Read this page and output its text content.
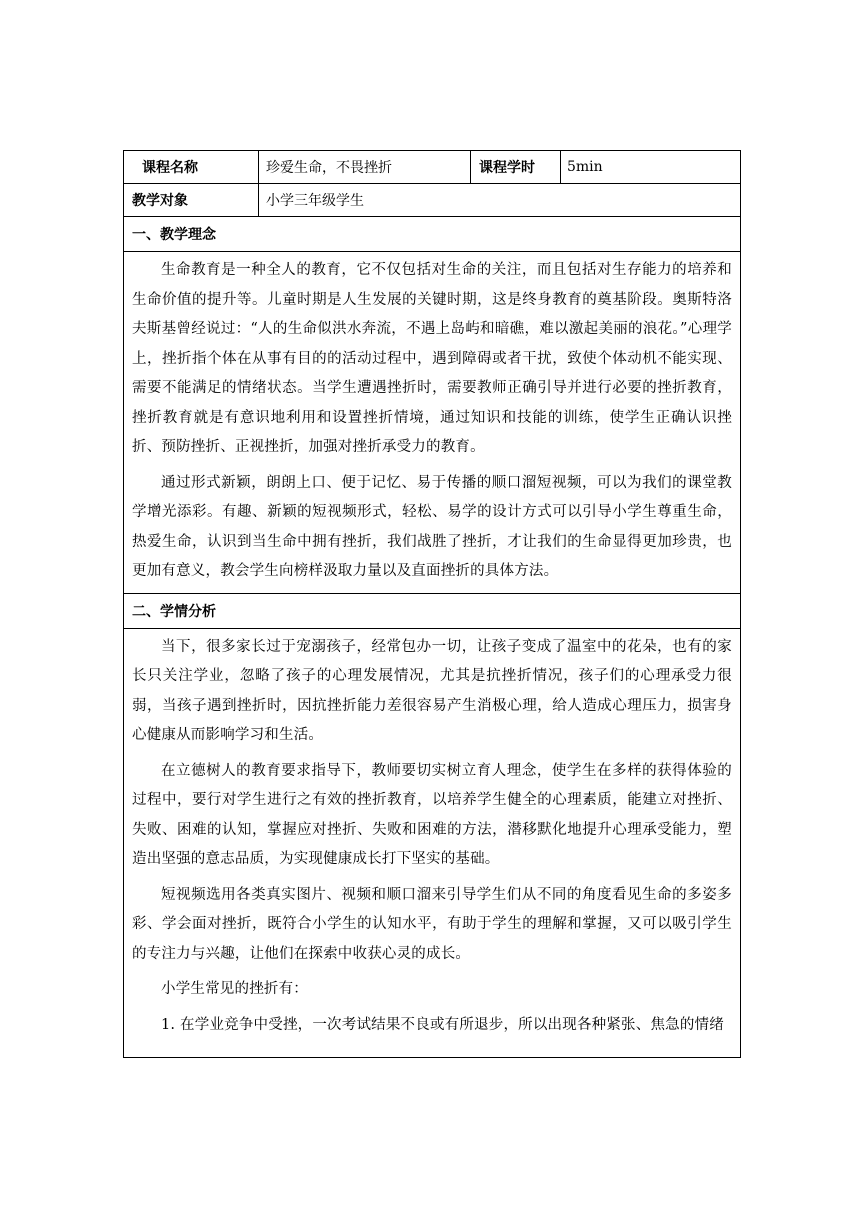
课程名称	珍爱生命，不畏挫折	课程学时	5min
教学对象	小学三年级学生		
一、教学理念			

生命教育是一种全人的教育，它不仅包括对生命的关注，而且包括对生存能力的培养和生命价值的提升等。儿童时期是人生发展的关键时期，这是终身教育的奠基阶段。奥斯特洛夫斯基曾经说过：“人的生命似洪水奔流，不遇上岛屿和暗礁，难以激起美丽的浪花。”心理学上，挫折指个体在从事有目的的活动过程中，遇到障碍或者干扰，致使个体动机不能实现、需要不能满足的情绪状态。当学生遭遇挫折时，需要教师正确引导并进行必要的挫折教育，挫折教育就是有意识地利用和设置挫折情境，通过知识和技能的训练，使学生正确认识挫折、预防挫折、正视挫折，加强对挫折承受力的教育。

通过形式新颖，朗朗上口、便于记忆、易于传播的顺口溜短视频，可以为我们的课堂教学增光添彩。有趣、新颖的短视频形式，轻松、易学的设计方式可以引导小学生尊重生命，热爱生命，认识到当生命中拥有挫折，我们战胜了挫折，才让我们的生命显得更加珍贵，也更加有意义，教会学生向榜样汲取力量以及直面挫折的具体方法。			

二、学情分析			

当下，很多家长过于宠溺孩子，经常包办一切，让孩子变成了温室中的花朵，也有的家长只关注学业，忽略了孩子的心理发展情况，尤其是抗挫折情况，孩子们的心理承受力很弱，当孩子遇到挫折时，因抗挫折能力差很容易产生消极心理，给人造成心理压力，损害身心健康从而影响学习和生活。

在立德树人的教育要求指导下，教师要切实树立育人理念，使学生在多样的获得体验的过程中，要行对学生进行之有效的挫折教育，以培养学生健全的心理素质，能建立对挫折、失败、困难的认知，掌握应对挫折、失败和困难的方法，潜移默化地提升心理承受能力，塑造出坚强的意志品质，为实现健康成长打下坚实的基础。

短视频选用各类真实图片、视频和顺口溜来引导学生们从不同的角度看见生命的多姿多彩、学会面对挫折，既符合小学生的认知水平，有助于学生的理解和掌握，又可以吸引学生的专注力与兴趣，让他们在探索中收获心灵的成长。

小学生常见的挫折有：

1. 在学业竞争中受挫，一次考试结果不良或有所退步，所以出现各种紧张、焦急的情绪			
